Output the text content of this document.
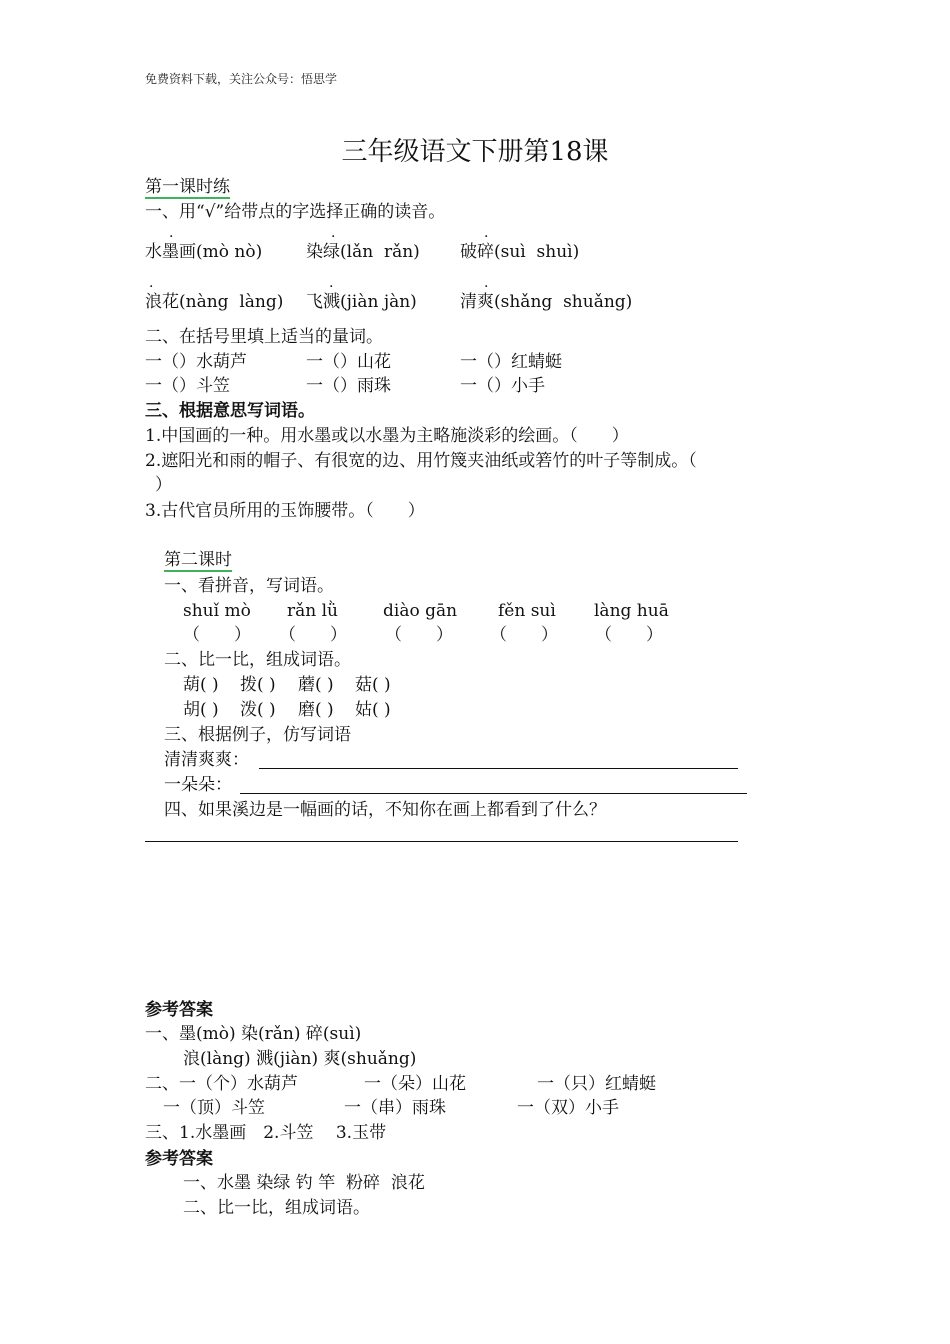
免费资料下载，关注公众号：悟思学
三年级语文下册第18课
第一课时练
一、用“√”给带点的字选择正确的读音。
.	.	.
水墨画(mò nò)	染绿(lǎn  rǎn) 破碎(suì  shuì)
.	.	.
浪花(nàng  làng) 飞溅(jiàn jàn)	清爽(shǎng  shuǎng)
二、在括号里填上适当的量词。
一（）水葫芦	一（）山花	一（）红蜻蜓
一（）斗笠	一（）雨珠	一（）小手
三、根据意思写词语。
1.中国画的一种。用水墨或以水墨为主略施淡彩的绘画。（　　）
2.遮阳光和雨的帽子、有很宽的边、用竹篾夹油纸或箬竹的叶子等制成。（
）
3.古代官员所用的玉饰腰带。（　　）
第二课时
一、看拼音，写词语。
shuǐ mò rǎn lǜ	diào gān fěn suì làng huā
（　　） （　　） （　　） （　　） （　　）
二、比一比，组成词语。
葫( ) 拨( ) 蘑( ) 菇( )
胡( ) 泼( ) 磨( ) 姑( )
三、根据例子，仿写词语
清清爽爽：
一朵朵：
四、如果溪边是一幅画的话，不知你在画上都看到了什么？
参考答案
一、墨(mò) 染(rǎn) 碎(suì)
浪(làng) 溅(jiàn) 爽(shuǎng)
二、一（个）水葫芦	一（朵）山花	一（只）红蜻蜓
一（顶）斗笠	一（串）雨珠	一（双）小手
三、1.水墨画　2.斗笠　 3.玉带
参考答案
一、水墨 染绿 钓 竿  粉碎  浪花
二、比一比，组成词语。
